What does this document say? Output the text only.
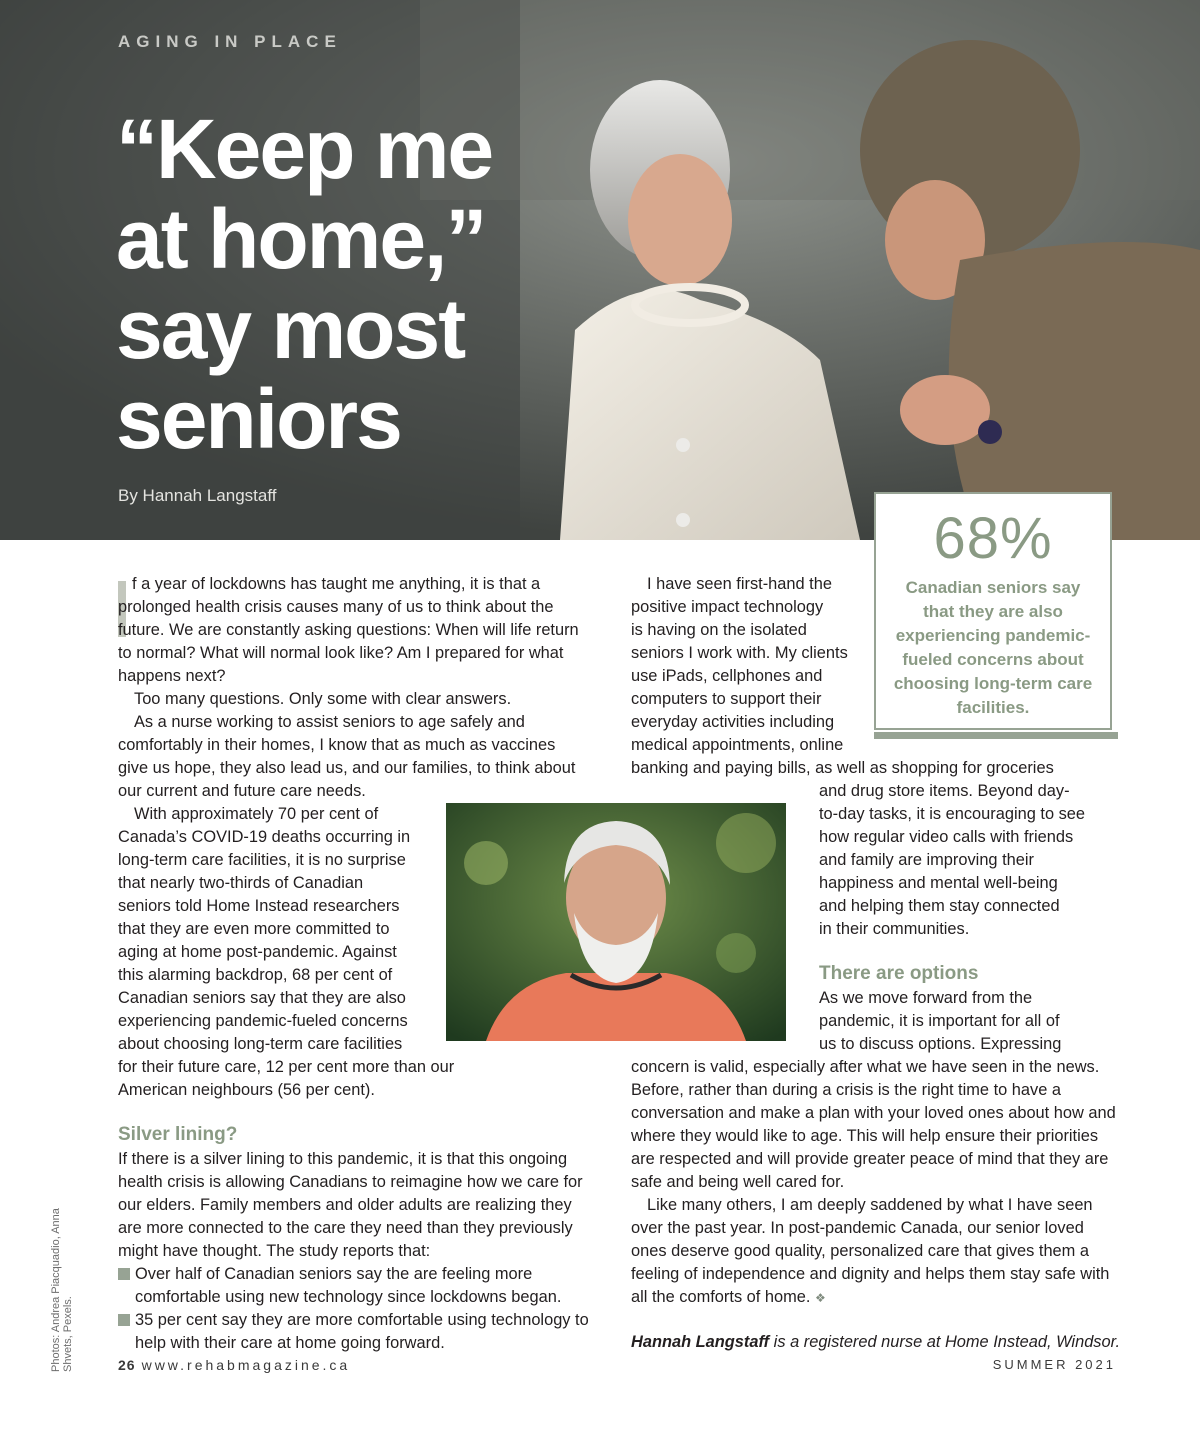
AGING IN PLACE
“Keep me
at home,”
say most
seniors
By Hannah Langstaff
68%
Canadian seniors say that they are also experiencing pandemic-fueled concerns about choosing long-term care facilities.

f a year of lockdowns has taught me anything, it is that a prolonged health crisis causes many of us to think about the future. We are constantly asking questions: When will life return to normal? What will normal look like? Am I prepared for what happens next?

Too many questions. Only some with clear answers.

As a nurse working to assist seniors to age safely and comfortably in their homes, I know that as much as vaccines give us hope, they also lead us, and our families, to think about our current and future care needs.

With approximately 70 per cent of
Canada’s COVID-19 deaths occurring in
long-term care facilities, it is no surprise
that nearly two-thirds of Canadian
seniors told Home Instead researchers
that they are even more committed to
aging at home post-pandemic. Against
this alarming backdrop, 68 per cent of
Canadian seniors say that they are also
experiencing pandemic-fueled concerns
about choosing long-term care facilities
for their future care, 12 per cent more than our
American neighbours (56 per cent).
Silver lining?

If there is a silver lining to this pandemic, it is that this ongoing health crisis is allowing Canadians to reimagine how we care for our elders. Family members and older adults are realizing they are more connected to the care they need than they previously might have thought. The study reports that:

Over half of Canadian seniors say the are feeling more comfortable using new technology since lockdowns began.
35 per cent say they are more comfortable using technology to help with their care at home going forward.
I have seen first-hand the
positive impact technology
is having on the isolated
seniors I work with. My clients
use iPads, cellphones and
computers to support their
everyday activities including
medical appointments, online
banking and paying bills, as well as shopping for groceries
and drug store items. Beyond day-
to-day tasks, it is encouraging to see
how regular video calls with friends
and family are improving their
happiness and mental well-being
and helping them stay connected
in their communities.
There are options
As we move forward from the
pandemic, it is important for all of
us to discuss options. Expressing

concern is valid, especially after what we have seen in the news. Before, rather than during a crisis is the right time to have a conversation and make a plan with your loved ones about how and where they would like to age. This will help ensure their priorities are respected and will provide greater peace of mind that they are safe and being well cared for.

Like many others, I am deeply saddened by what I have seen over the past year. In post-pandemic Canada, our senior loved ones deserve good quality, personalized care that gives them a feeling of independence and dignity and helps them stay safe with all the comforts of home. ❖

Hannah Langstaff is a registered nurse at Home Instead, Windsor.
Photos: Andrea Piacquadio, Anna Shvets, Pexels.	26 www.rehabmagazine.ca	SUMMER 2021
